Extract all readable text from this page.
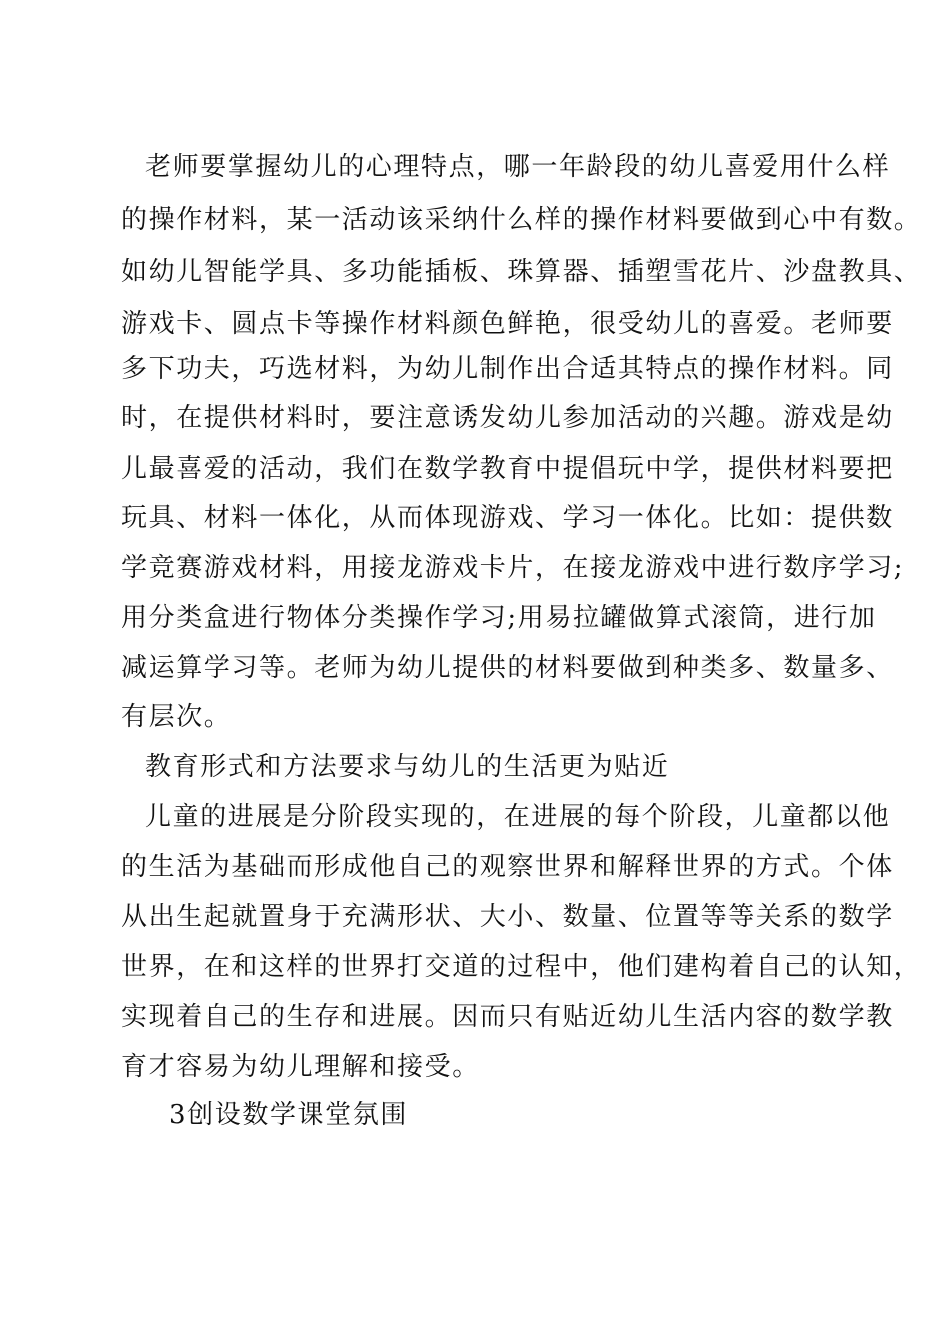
老师要掌握幼儿的心理特点，哪一年龄段的幼儿喜爱用什么样
的操作材料，某一活动该采纳什么样的操作材料要做到心中有数。
如幼儿智能学具、多功能插板、珠算器、插塑雪花片、沙盘教具、
游戏卡、圆点卡等操作材料颜色鲜艳，很受幼儿的喜爱。老师要
多下功夫，巧选材料，为幼儿制作出合适其特点的操作材料。同
时，在提供材料时，要注意诱发幼儿参加活动的兴趣。游戏是幼
儿最喜爱的活动，我们在数学教育中提倡玩中学，提供材料要把
玩具、材料一体化，从而体现游戏、学习一体化。比如：提供数
学竞赛游戏材料，用接龙游戏卡片，在接龙游戏中进行数序学习;
用分类盒进行物体分类操作学习;用易拉罐做算式滚筒，进行加
减运算学习等。老师为幼儿提供的材料要做到种类多、数量多、
有层次。
教育形式和方法要求与幼儿的生活更为贴近
儿童的进展是分阶段实现的，在进展的每个阶段，儿童都以他
的生活为基础而形成他自己的观察世界和解释世界的方式。个体
从出生起就置身于充满形状、大小、数量、位置等等关系的数学
世界，在和这样的世界打交道的过程中，他们建构着自己的认知，
实现着自己的生存和进展。因而只有贴近幼儿生活内容的数学教
育才容易为幼儿理解和接受。
3创设数学课堂氛围
